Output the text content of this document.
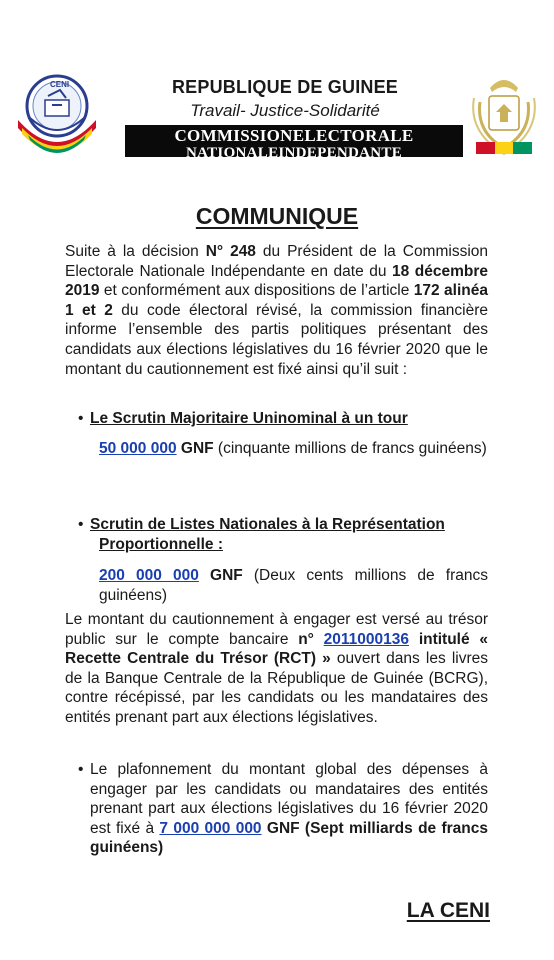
CENI	REPUBLIQUE DE GUINEE
Travail- Justice-Solidarité
COMMISSIONELECTORALE
NATIONALEINDEPENDANTE
COMMUNIQUE

Suite à la décision N° 248 du Président de la Commission Electorale Nationale Indépendante en date du 18 décembre 2019 et conformément aux dispositions de l’article 172 alinéa 1 et 2 du code électoral révisé, la commission financière informe l’ensemble des partis politiques présentant des candidats aux élections législatives du 16 février 2020 que le montant du cautionnement est fixé ainsi qu’il suit :

• Le Scrutin Majoritaire Uninominal à un tour
50 000 000 GNF (cinquante millions de francs guinéens)
• Scrutin de Listes Nationales à la Représentation
Proportionnelle :
200 000 000 GNF (Deux cents millions de francs guinéens)

Le montant du cautionnement à engager est versé au trésor public sur le compte bancaire n° 2011000136 intitulé « Recette Centrale du Trésor (RCT) » ouvert dans les livres de la Banque Centrale de la République de Guinée (BCRG), contre récépissé, par les candidats ou les mandataires des entités prenant part aux élections législatives.

• Le plafonnement du montant global des dépenses à engager par les candidats ou mandataires des entités prenant part aux élections législatives du 16 février 2020 est fixé à 7 000 000 000 GNF (Sept milliards de francs guinéens)
LA CENI
